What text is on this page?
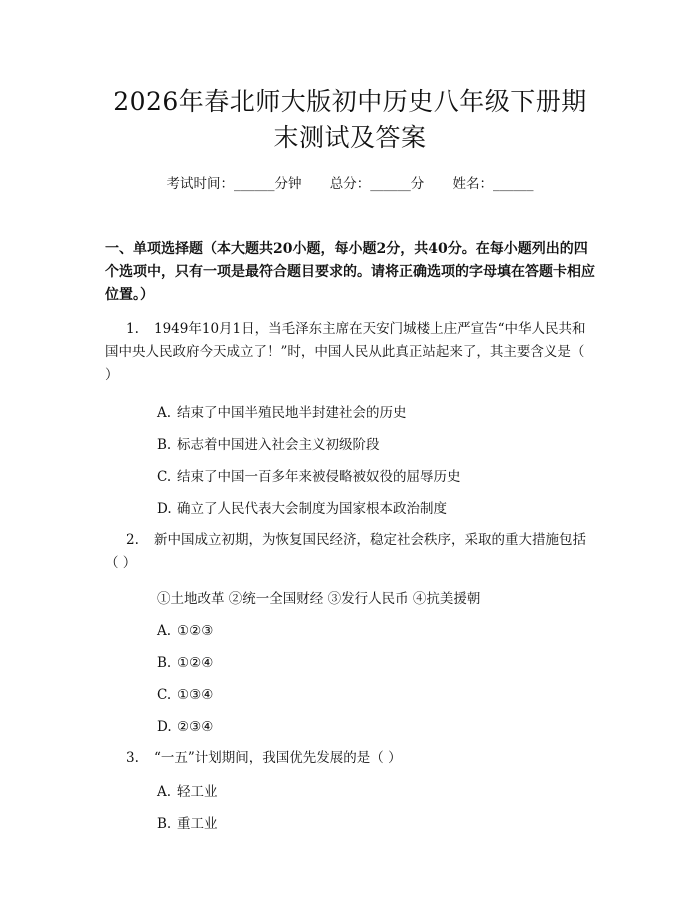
2026年春北师大版初中历史八年级下册期末测试及答案
考试时间：______分钟 总分：______分 姓名：______
一、单项选择题（本大题共20小题，每小题2分，共40分。在每小题列出的四个选项中，只有一项是最符合题目要求的。请将正确选项的字母填在答题卡相应位置。）
1. 1949年10月1日，当毛泽东主席在天安门城楼上庄严宣告“中华人民共和国中央人民政府今天成立了！”时，中国人民从此真正站起来了，其主要含义是（ ）
A. 结束了中国半殖民地半封建社会的历史
B. 标志着中国进入社会主义初级阶段
C. 结束了中国一百多年来被侵略被奴役的屈辱历史
D. 确立了人民代表大会制度为国家根本政治制度
2. 新中国成立初期，为恢复国民经济，稳定社会秩序，采取的重大措施包括（ ）
①土地改革 ②统一全国财经 ③发行人民币 ④抗美援朝
A. ①②③
B. ①②④
C. ①③④
D. ②③④
3. “一五”计划期间，我国优先发展的是（ ）
A. 轻工业
B. 重工业
